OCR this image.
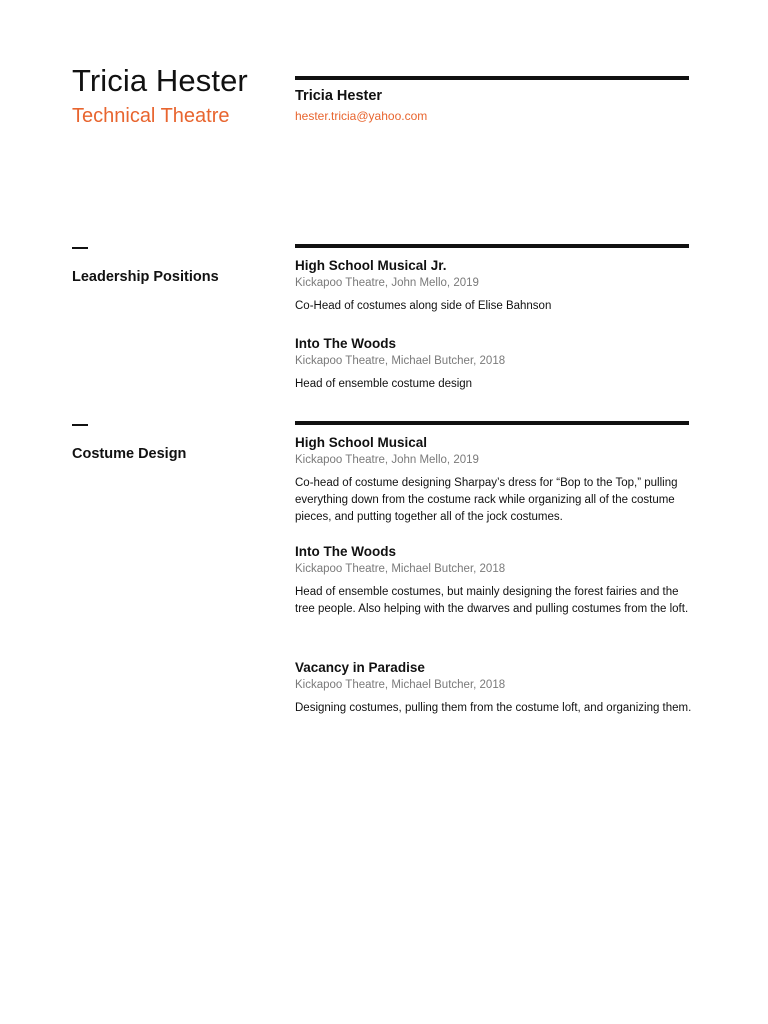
Tricia Hester
Technical Theatre
Tricia Hester
hester.tricia@yahoo.com
Leadership Positions

High School Musical Jr.

Kickapoo Theatre, John Mello, 2019

Co-Head of costumes along side of Elise Bahnson

Into The Woods

Kickapoo Theatre, Michael Butcher, 2018

Head of ensemble costume design

Costume Design

High School Musical

Kickapoo Theatre, John Mello, 2019

Co-head of costume designing Sharpay’s dress for “Bop to the Top,” pulling everything down from the costume rack while organizing all of the costume pieces, and putting together all of the jock costumes.

Into The Woods

Kickapoo Theatre, Michael Butcher, 2018

Head of ensemble costumes, but mainly designing the forest fairies and the tree people. Also helping with the dwarves and pulling costumes from the loft.

Vacancy in Paradise

Kickapoo Theatre, Michael Butcher, 2018

Designing costumes, pulling them from the costume loft, and organizing them.
